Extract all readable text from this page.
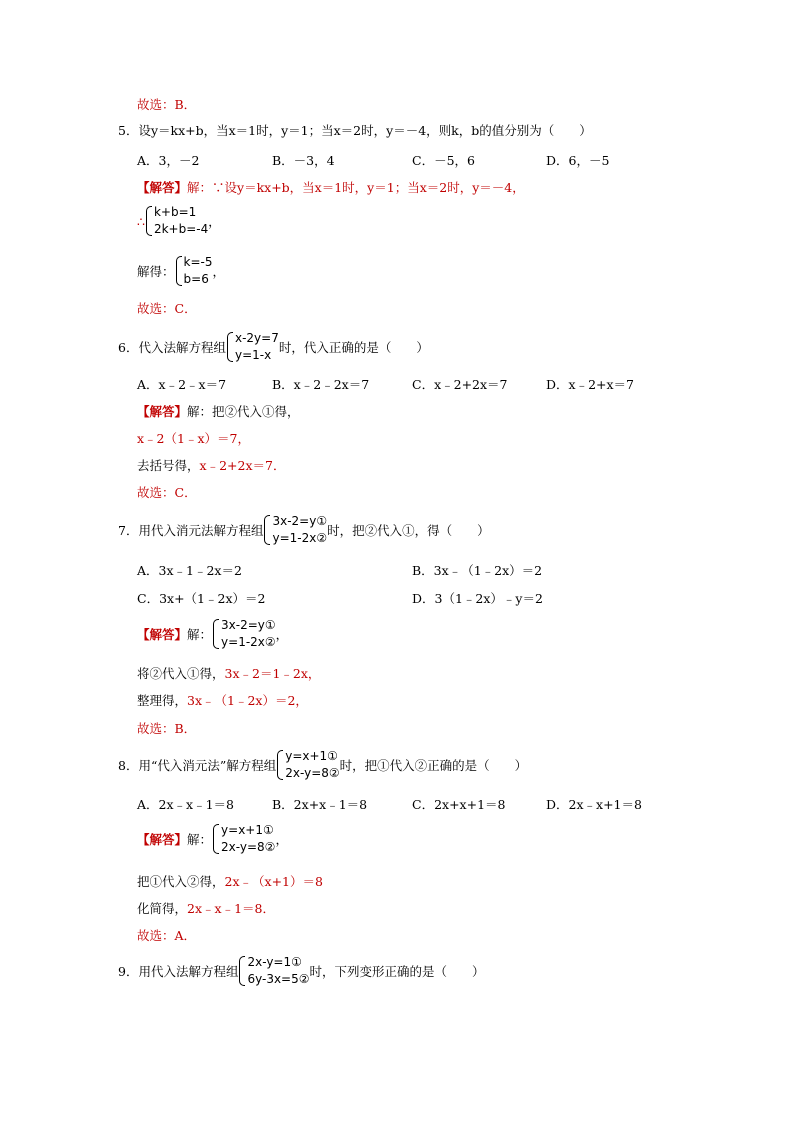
故选：B．
5．设y＝kx+b，当x＝1时，y＝1；当x＝2时，y＝－4，则k，b的值分别为（　　）
A．3，－2	B．－3，4	C．－5，6	D．6，－5
【解答】解：∵设y＝kx+b，当x＝1时，y＝1；当x＝2时，y＝－4，
∴
k+b=1
2k+b=-4 ，
解得：
k=-5
b=6 ，
故选：C．
6．代入法解方程组
x-2y=7
y=1-x 时，代入正确的是（　　）
A．x﹣2﹣x＝7	B．x﹣2﹣2x＝7	C．x﹣2+2x＝7	D．x﹣2+x＝7
【解答】解：把②代入①得，
x﹣2（1﹣x）＝7，
去括号得，x﹣2+2x＝7．
故选：C．
7．用代入消元法解方程组
3x-2=y①
y=1-2x② 时，把②代入①，得（　　）
A．3x﹣1﹣2x＝2	B．3x﹣（1﹣2x）＝2
C．3x+（1﹣2x）＝2	D．3（1﹣2x）﹣y＝2
【解答】 解：
3x-2=y①
y=1-2x② ，
将②代入①得，3x﹣2＝1﹣2x，
整理得，3x﹣（1﹣2x）＝2，
故选：B．
8．用“代入消元法”解方程组
y=x+1①
2x-y=8② 时，把①代入②正确的是（　　）
A．2x﹣x﹣1＝8	B．2x+x﹣1＝8	C．2x+x+1＝8	D．2x﹣x+1＝8
【解答】 解：
y=x+1①
2x-y=8② ，
把①代入②得，2x﹣（x+1）＝8
化简得，2x﹣x﹣1＝8．
故选：A．
9．用代入法解方程组
2x-y=1①
6y-3x=5② 时，下列变形正确的是（　　）
